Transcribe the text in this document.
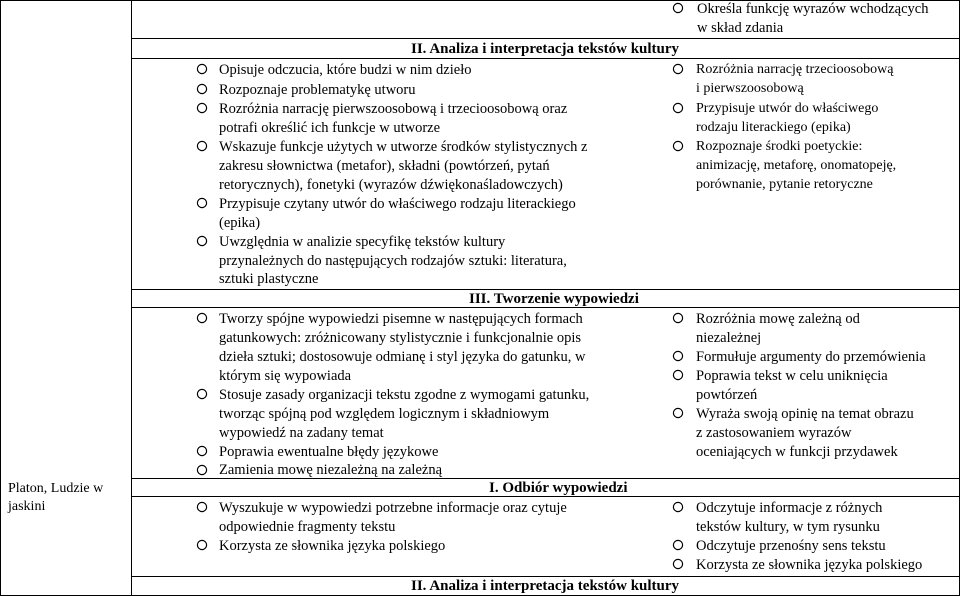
Platon, Ludzie w jaskini
Określa funkcję wyrazów wchodzących
w skład zdania
II. Analiza i interpretacja tekstów kultury
Opisuje odczucia, które budzi w nim dzieło
Rozpoznaje problematykę utworu
Rozróżnia narrację pierwszoosobową i trzecioosobową oraz
potrafi określić ich funkcje w utworze
Wskazuje funkcje użytych w utworze środków stylistycznych z
zakresu słownictwa (metafor), składni (powtórzeń, pytań
retorycznych), fonetyki (wyrazów dźwiękonaśladowczych)
Przypisuje czytany utwór do właściwego rodzaju literackiego
(epika)
Uwzględnia w analizie specyfikę tekstów kultury
przynależnych do następujących rodzajów sztuki: literatura,
sztuki plastyczne
Rozróżnia narrację trzecioosobową
i pierwszoosobową
Przypisuje utwór do właściwego
rodzaju literackiego (epika)
Rozpoznaje środki poetyckie:
animizację, metaforę, onomatopeję,
porównanie, pytanie retoryczne
III. Tworzenie wypowiedzi
Tworzy spójne wypowiedzi pisemne w następujących formach
gatunkowych: zróżnicowany stylistycznie i funkcjonalnie opis
dzieła sztuki; dostosowuje odmianę i styl języka do gatunku, w
którym się wypowiada
Stosuje zasady organizacji tekstu zgodne z wymogami gatunku,
tworząc spójną pod względem logicznym i składniowym
wypowiedź na zadany temat
Poprawia ewentualne błędy językowe
Zamienia mowę niezależną na zależną
Rozróżnia mowę zależną od
niezależnej
Formułuje argumenty do przemówienia
Poprawia tekst w celu uniknięcia
powtórzeń
Wyraża swoją opinię na temat obrazu
z zastosowaniem wyrazów
oceniających w funkcji przydawek
I. Odbiór wypowiedzi
Wyszukuje w wypowiedzi potrzebne informacje oraz cytuje
odpowiednie fragmenty tekstu
Korzysta ze słownika języka polskiego
Odczytuje informacje z różnych
tekstów kultury, w tym rysunku
Odczytuje przenośny sens tekstu
Korzysta ze słownika języka polskiego
II. Analiza i interpretacja tekstów kultury
